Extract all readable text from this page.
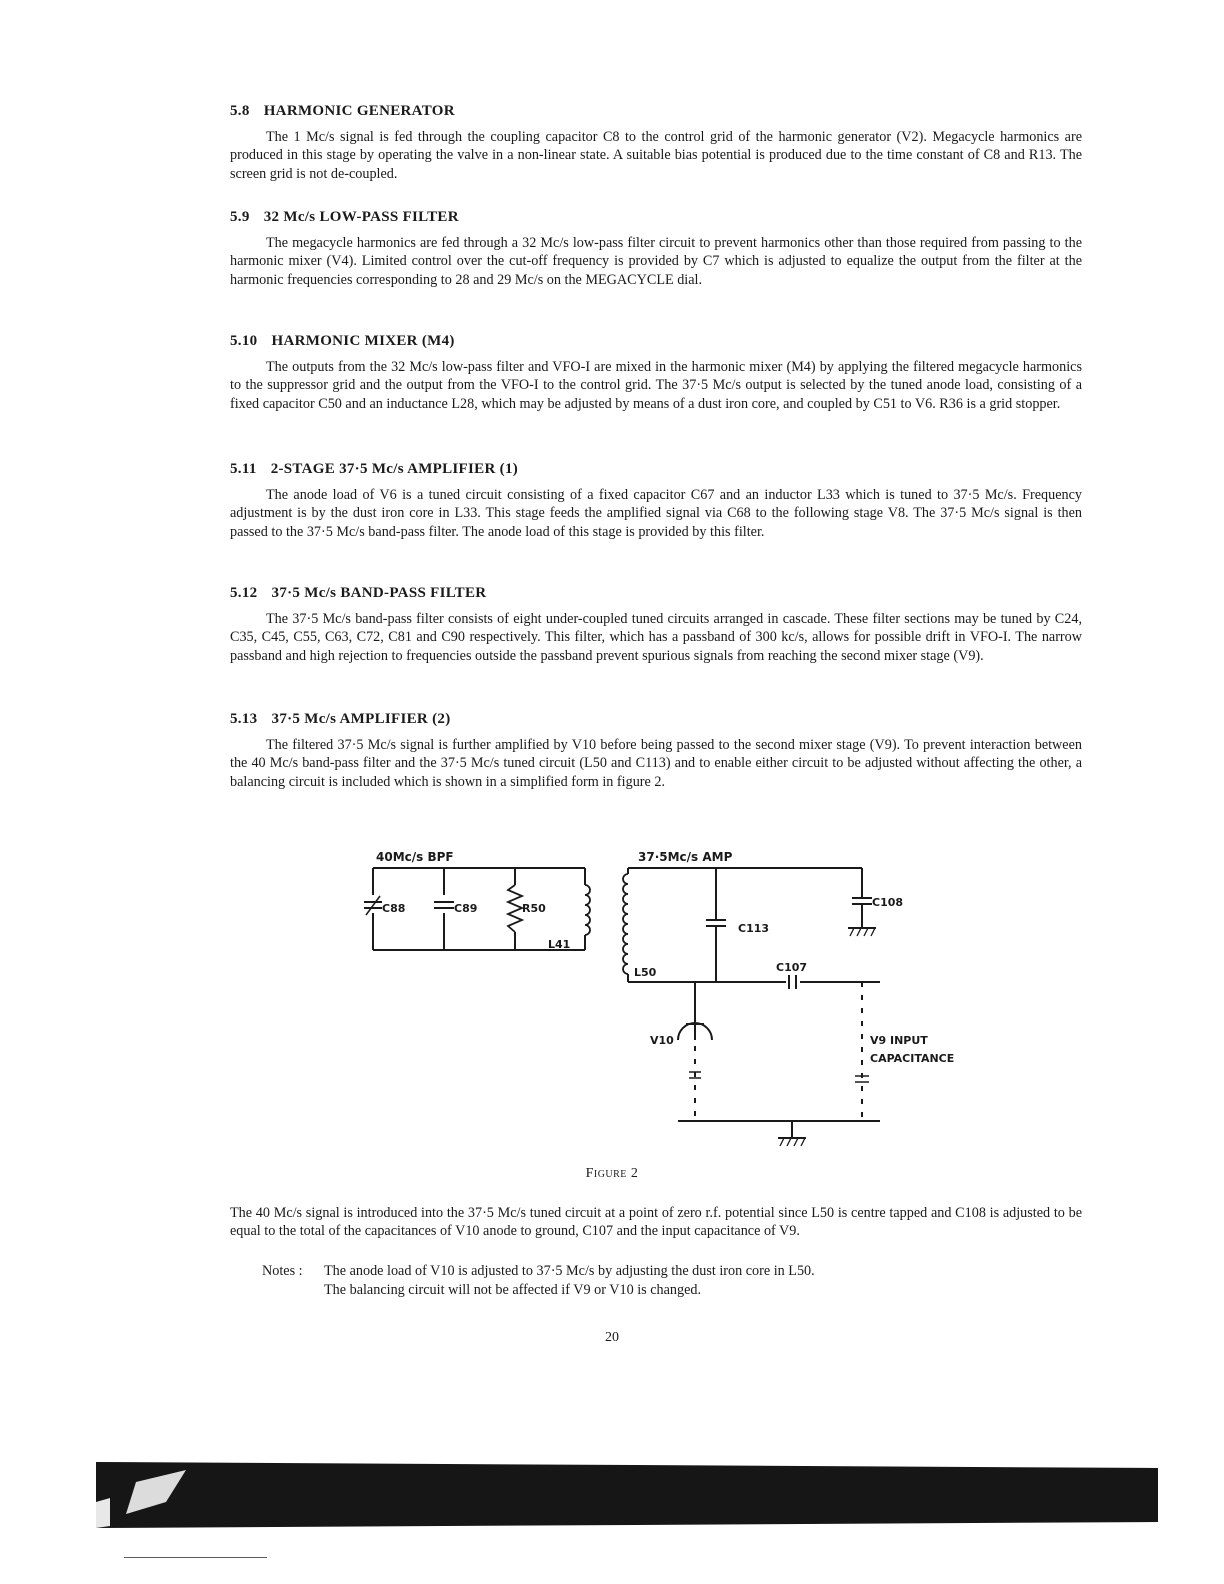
5.8 HARMONIC GENERATOR

The 1 Mc/s signal is fed through the coupling capacitor C8 to the control grid of the harmonic generator (V2). Megacycle harmonics are produced in this stage by operating the valve in a non-linear state. A suitable bias potential is produced due to the time constant of C8 and R13. The screen grid is not de-coupled.

5.9 32 Mc/s LOW-PASS FILTER

The megacycle harmonics are fed through a 32 Mc/s low-pass filter circuit to prevent harmonics other than those required from passing to the harmonic mixer (V4). Limited control over the cut-off frequency is provided by C7 which is adjusted to equalize the output from the filter at the harmonic frequencies corresponding to 28 and 29 Mc/s on the MEGACYCLE dial.

5.10 HARMONIC MIXER (M4)

The outputs from the 32 Mc/s low-pass filter and VFO-I are mixed in the harmonic mixer (M4) by applying the filtered megacycle harmonics to the suppressor grid and the output from the VFO-I to the control grid. The 37·5 Mc/s output is selected by the tuned anode load, consisting of a fixed capacitor C50 and an inductance L28, which may be adjusted by means of a dust iron core, and coupled by C51 to V6. R36 is a grid stopper.

5.11 2-STAGE 37·5 Mc/s AMPLIFIER (1)

The anode load of V6 is a tuned circuit consisting of a fixed capacitor C67 and an inductor L33 which is tuned to 37·5 Mc/s. Frequency adjustment is by the dust iron core in L33. This stage feeds the amplified signal via C68 to the following stage V8. The 37·5 Mc/s signal is then passed to the 37·5 Mc/s band-pass filter. The anode load of this stage is provided by this filter.

5.12 37·5 Mc/s BAND-PASS FILTER

The 37·5 Mc/s band-pass filter consists of eight under-coupled tuned circuits arranged in cascade. These filter sections may be tuned by C24, C35, C45, C55, C63, C72, C81 and C90 respectively. This filter, which has a passband of 300 kc/s, allows for possible drift in VFO-I. The narrow passband and high rejection to frequencies outside the passband prevent spurious signals from reaching the second mixer stage (V9).

5.13 37·5 Mc/s AMPLIFIER (2)

The filtered 37·5 Mc/s signal is further amplified by V10 before being passed to the second mixer stage (V9). To prevent interaction between the 40 Mc/s band-pass filter and the 37·5 Mc/s tuned circuit (L50 and C113) and to enable either circuit to be adjusted without affecting the other, a balancing circuit is included which is shown in a simplified form in figure 2.

40Mc/s BPF	37·5Mc/s AMP
C88	C89	R50
L41
L50
C113
C108
C107
V10	V9 INPUT
CAPACITANCE
Figure 2

The 40 Mc/s signal is introduced into the 37·5 Mc/s tuned circuit at a point of zero r.f. potential since L50 is centre tapped and C108 is adjusted to be equal to the total of the capacitances of V10 anode to ground, C107 and the input capacitance of V9.

Notes : The anode load of V10 is adjusted to 37·5 Mc/s by adjusting the dust iron core in L50.
The balancing circuit will not be affected if V9 or V10 is changed.
20
